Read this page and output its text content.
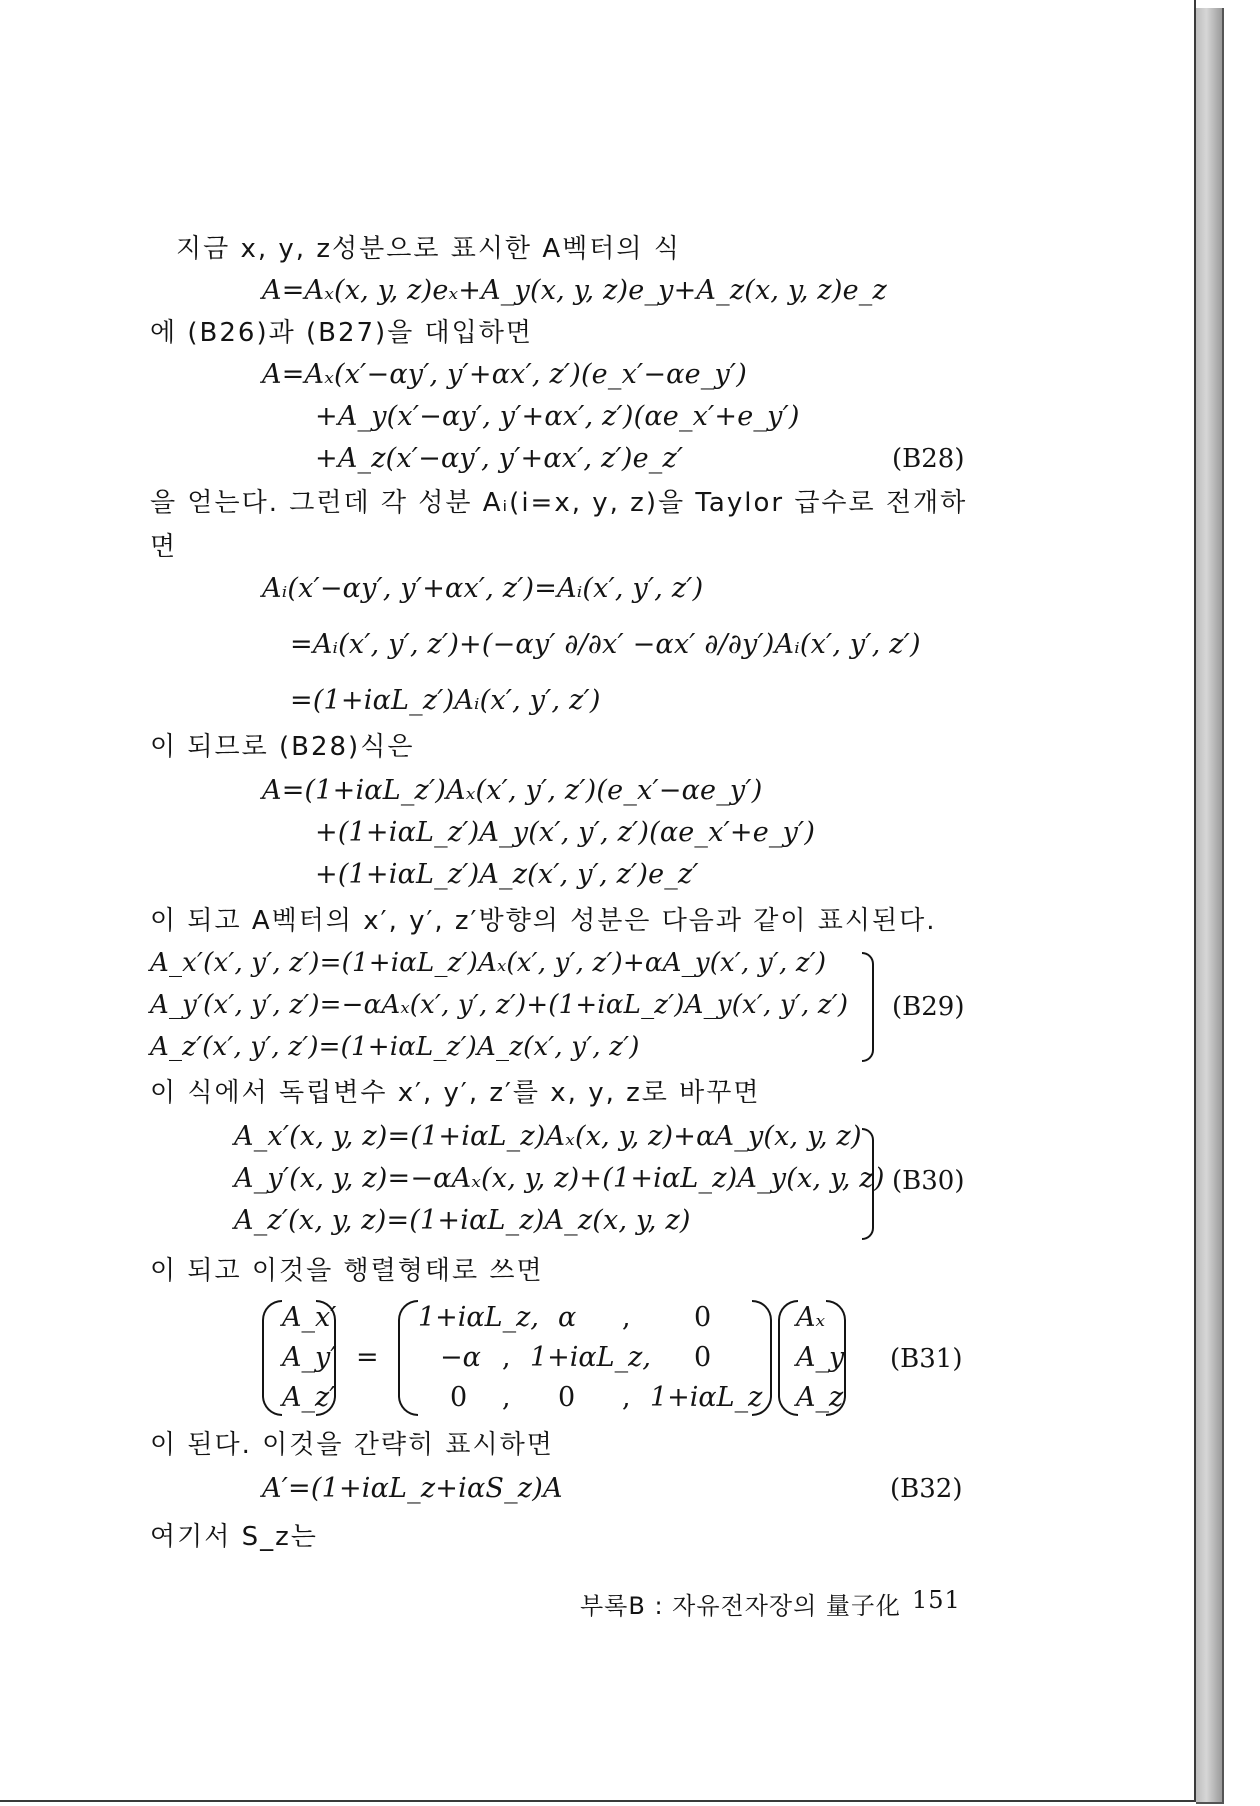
지금 x, y, z성분으로 표시한 A벡터의 식
A=Aₓ(x, y, z)eₓ+A_y(x, y, z)e_y+A_z(x, y, z)e_z
에 (B26)과 (B27)을 대입하면
A=Aₓ(x′−αy′, y′+αx′, z′)(e_x′−αe_y′)
+A_y(x′−αy′, y′+αx′, z′)(αe_x′+e_y′)
+A_z(x′−αy′, y′+αx′, z′)e_z′	(B28)
을 얻는다. 그런데 각 성분 Aᵢ(i=x, y, z)을 Taylor 급수로 전개하
면
Aᵢ(x′−αy′, y′+αx′, z′)=Aᵢ(x′, y′, z′)
=Aᵢ(x′, y′, z′)+(−αy′ ∂/∂x′ −αx′ ∂/∂y′)Aᵢ(x′, y′, z′)
=(1+iαL_z′)Aᵢ(x′, y′, z′)
이 되므로 (B28)식은
A=(1+iαL_z′)Aₓ(x′, y′, z′)(e_x′−αe_y′)
+(1+iαL_z′)A_y(x′, y′, z′)(αe_x′+e_y′)
+(1+iαL_z′)A_z(x′, y′, z′)e_z′
이 되고 A벡터의 x′, y′, z′방향의 성분은 다음과 같이 표시된다.
A_x′(x′, y′, z′)=(1+iαL_z′)Aₓ(x′, y′, z′)+αA_y(x′, y′, z′)
A_y′(x′, y′, z′)=−αAₓ(x′, y′, z′)+(1+iαL_z′)A_y(x′, y′, z′)
A_z′(x′, y′, z′)=(1+iαL_z′)A_z(x′, y′, z′)
(B29)
이 식에서 독립변수 x′, y′, z′를 x, y, z로 바꾸면
A_x′(x, y, z)=(1+iαL_z)Aₓ(x, y, z)+αA_y(x, y, z)
A_y′(x, y, z)=−αAₓ(x, y, z)+(1+iαL_z)A_y(x, y, z)
A_z′(x, y, z)=(1+iαL_z)A_z(x, y, z)
(B30)
이 되고 이것을 행렬형태로 쓰면
A_x′
A_y′
A_z′
=
1+iαL_z, α , 0
−α , 1+iαL_z, 0
0 , 0 , 1+iαL_z
Aₓ
A_y
A_z
(B31)
이 된다. 이것을 간략히 표시하면
A′=(1+iαL_z+iαS_z)A	(B32)
여기서 S_z는
부록B : 자유전자장의 量子化 151
